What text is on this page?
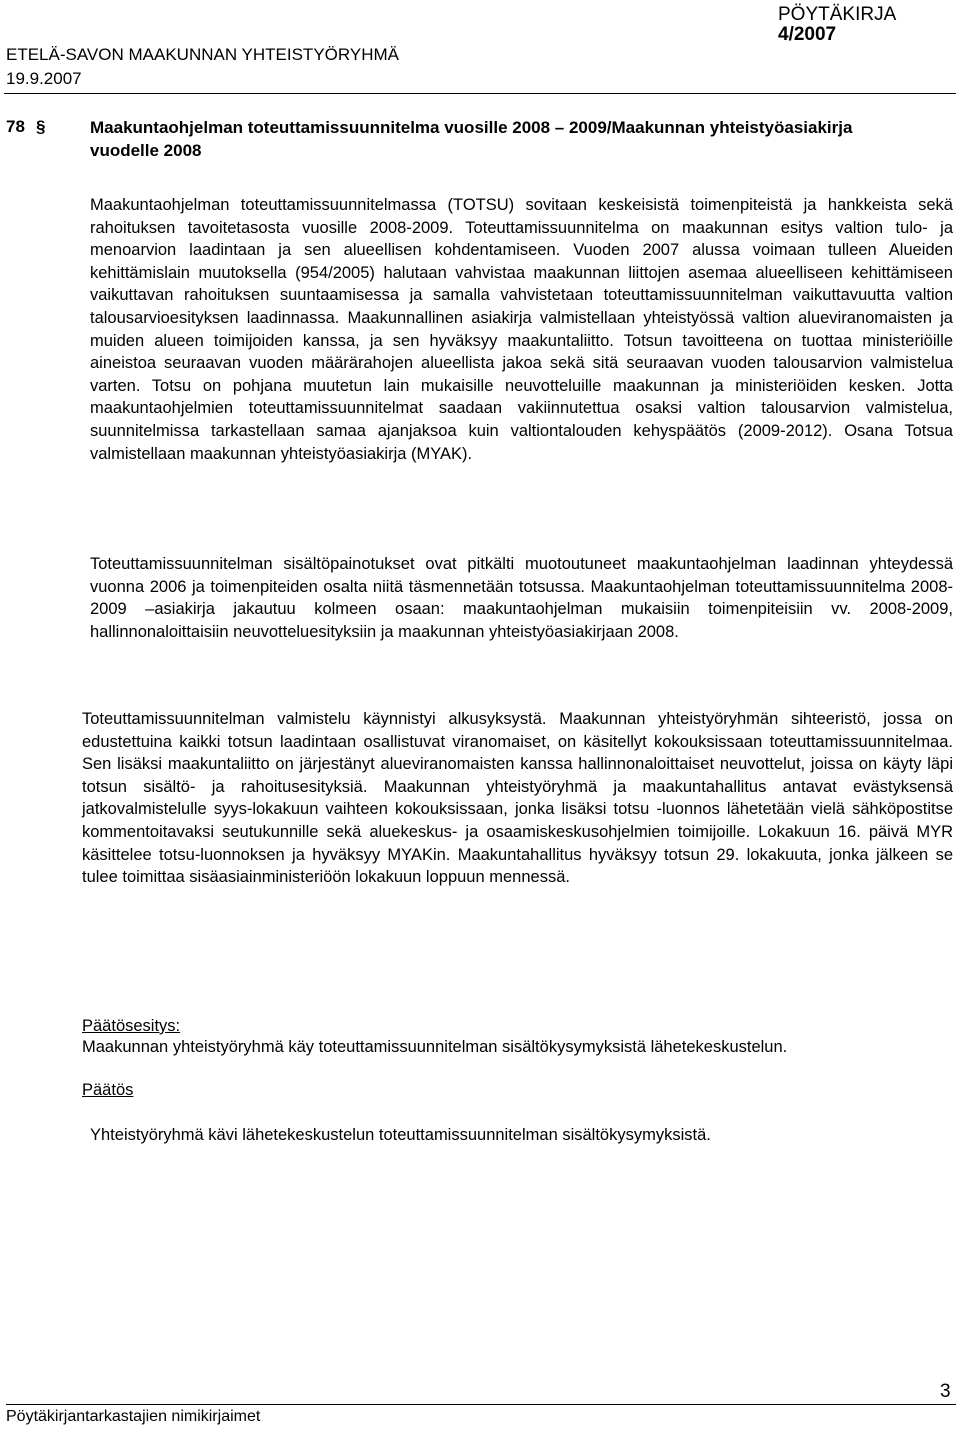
PÖYTÄKIRJA
4/2007
ETELÄ-SAVON MAAKUNNAN YHTEISTYÖRYHMÄ
19.9.2007
78 §	Maakuntaohjelman toteuttamissuunnitelma vuosille 2008 – 2009/Maakunnan yhteistyöasiakirja vuodelle 2008

Maakuntaohjelman toteuttamissuunnitelmassa (TOTSU) sovitaan keskeisistä toimenpiteistä ja hankkeista sekä rahoituksen tavoitetasosta vuosille 2008-2009. Toteuttamissuunnitelma on maakunnan esitys valtion tulo- ja menoarvion laadintaan ja sen alueellisen kohdentamiseen. Vuoden 2007 alussa voimaan tulleen Alueiden kehittämislain muutoksella (954/2005) halutaan vahvistaa maakunnan liittojen asemaa alueelliseen kehittämiseen vaikuttavan rahoituksen suuntaamisessa ja samalla vahvistetaan toteuttamissuunnitelman vaikuttavuutta valtion talousarvioesityksen laadinnassa. Maakunnallinen asiakirja valmistellaan yhteistyössä valtion alueviranomaisten ja muiden alueen toimijoiden kanssa, ja sen hyväksyy maakuntaliitto. Totsun tavoitteena on tuottaa ministeriöille aineistoa seuraavan vuoden määrärahojen alueellista jakoa sekä sitä seuraavan vuoden talousarvion valmistelua varten. Totsu on pohjana muutetun lain mukaisille neuvotteluille maakunnan ja ministeriöiden kesken. Jotta maakuntaohjelmien toteuttamissuunnitelmat saadaan vakiinnutettua osaksi valtion talousarvion valmistelua, suunnitelmissa tarkastellaan samaa ajanjaksoa kuin valtiontalouden kehyspäätös (2009-2012). Osana Totsua valmistellaan maakunnan yhteistyöasiakirja (MYAK).

Toteuttamissuunnitelman sisältöpainotukset ovat pitkälti muotoutuneet maakuntaohjelman laadinnan yhteydessä vuonna 2006 ja toimenpiteiden osalta niitä täsmennetään totsussa. Maakuntaohjelman toteuttamissuunnitelma 2008-2009 –asiakirja jakautuu kolmeen osaan: maakuntaohjelman mukaisiin toimenpiteisiin vv. 2008-2009, hallinnonaloittaisiin neuvotteluesityksiin ja maakunnan yhteistyöasiakirjaan 2008.

Toteuttamissuunnitelman valmistelu käynnistyi alkusyksystä. Maakunnan yhteistyöryhmän sihteeristö, jossa on edustettuina kaikki totsun laadintaan osallistuvat viranomaiset, on käsitellyt kokouksissaan toteuttamissuunnitelmaa. Sen lisäksi maakuntaliitto on järjestänyt alueviranomaisten kanssa hallinnonaloittaiset neuvottelut, joissa on käyty läpi totsun sisältö- ja rahoitusesityksiä. Maakunnan yhteistyöryhmä ja maakuntahallitus antavat evästyksensä jatkovalmistelulle syys-lokakuun vaihteen kokouksissaan, jonka lisäksi totsu -luonnos lähetetään vielä sähköpostitse kommentoitavaksi seutukunnille sekä aluekeskus- ja osaamiskeskusohjelmien toimijoille. Lokakuun 16. päivä MYR käsittelee totsu-luonnoksen ja hyväksyy MYAKin. Maakuntahallitus hyväksyy totsun 29. lokakuuta, jonka jälkeen se tulee toimittaa sisäasiainministeriöön lokakuun loppuun mennessä.

Päätösesitys:
Maakunnan yhteistyöryhmä käy toteuttamissuunnitelman sisältökysymyksistä lähetekeskustelun.
Päätös
Yhteistyöryhmä kävi lähetekeskustelun toteuttamissuunnitelman sisältökysymyksistä.
3
Pöytäkirjantarkastajien nimikirjaimet
